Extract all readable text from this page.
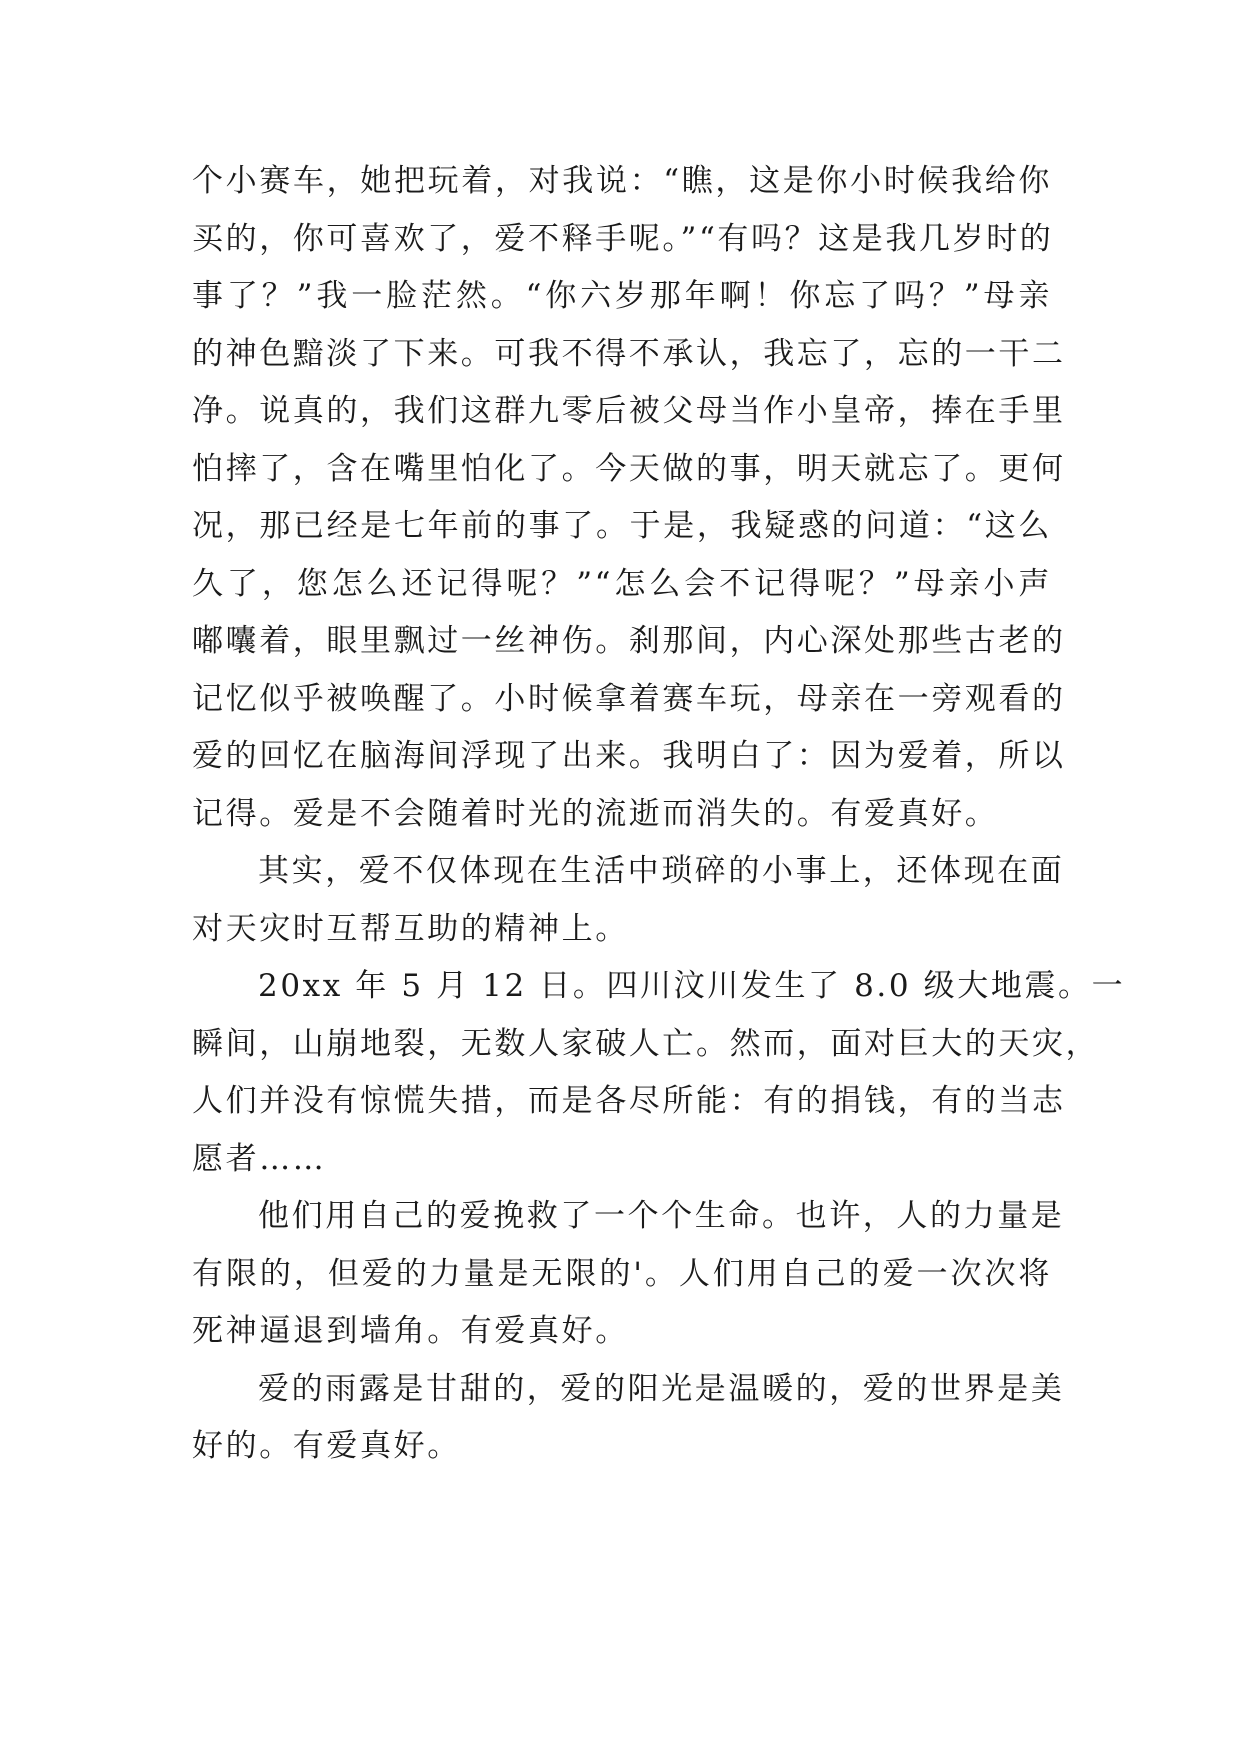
个小赛车，她把玩着，对我说：“瞧，这是你小时候我给你
买的，你可喜欢了，爱不释手呢。”“有吗？这是我几岁时的
事了？”我一脸茫然。“你六岁那年啊！你忘了吗？”母亲
的神色黯淡了下来。可我不得不承认，我忘了，忘的一干二
净。说真的，我们这群九零后被父母当作小皇帝，捧在手里
怕摔了，含在嘴里怕化了。今天做的事，明天就忘了。更何
况，那已经是七年前的事了。于是，我疑惑的问道：“这么
久了，您怎么还记得呢？”“怎么会不记得呢？”母亲小声
嘟囔着，眼里飘过一丝神伤。刹那间，内心深处那些古老的
记忆似乎被唤醒了。小时候拿着赛车玩，母亲在一旁观看的
爱的回忆在脑海间浮现了出来。我明白了：因为爱着，所以
记得。爱是不会随着时光的流逝而消失的。有爱真好。
其实，爱不仅体现在生活中琐碎的小事上，还体现在面
对天灾时互帮互助的精神上。
20xx 年 5 月 12 日。四川汶川发生了 8.0 级大地震。一
瞬间，山崩地裂，无数人家破人亡。然而，面对巨大的天灾，
人们并没有惊慌失措，而是各尽所能：有的捐钱，有的当志
愿者……
他们用自己的爱挽救了一个个生命。也许，人的力量是
有限的，但爱的力量是无限的'。人们用自己的爱一次次将
死神逼退到墙角。有爱真好。
爱的雨露是甘甜的，爱的阳光是温暖的，爱的世界是美
好的。有爱真好。
